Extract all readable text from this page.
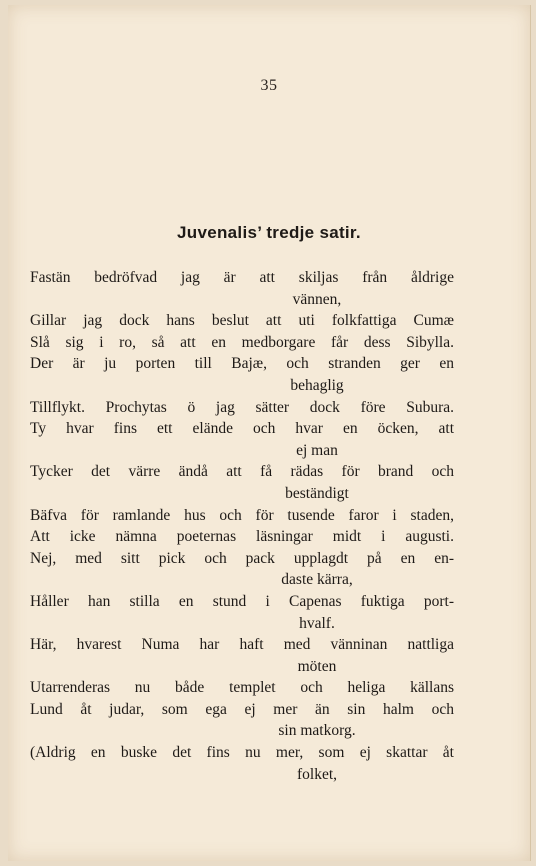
35
Juvenalis’ tredje satir.
Fastän bedröfvad jag är att skiljas från åldrige
vännen,
Gillar jag dock hans beslut att uti folkfattiga Cumæ
Slå sig i ro, så att en medborgare får dess Sibylla.
Der är ju porten till Bajæ, och stranden ger en
behaglig
Tillflykt. Prochytas ö jag sätter dock före Subura.
Ty hvar fins ett elände och hvar en öcken, att
ej man
Tycker det värre ändå att få rädas för brand och
beständigt
Bäfva för ramlande hus och för tusende faror i staden,
Att icke nämna poeternas läsningar midt i augusti.
Nej, med sitt pick och pack upplagdt på en en-
daste kärra,
Håller han stilla en stund i Capenas fuktiga port-
hvalf.
Här, hvarest Numa har haft med vänninan nattliga
möten
Utarrenderas nu både templet och heliga källans
Lund åt judar, som ega ej mer än sin halm och
sin matkorg.
(Aldrig en buske det fins nu mer, som ej skattar åt
folket,
